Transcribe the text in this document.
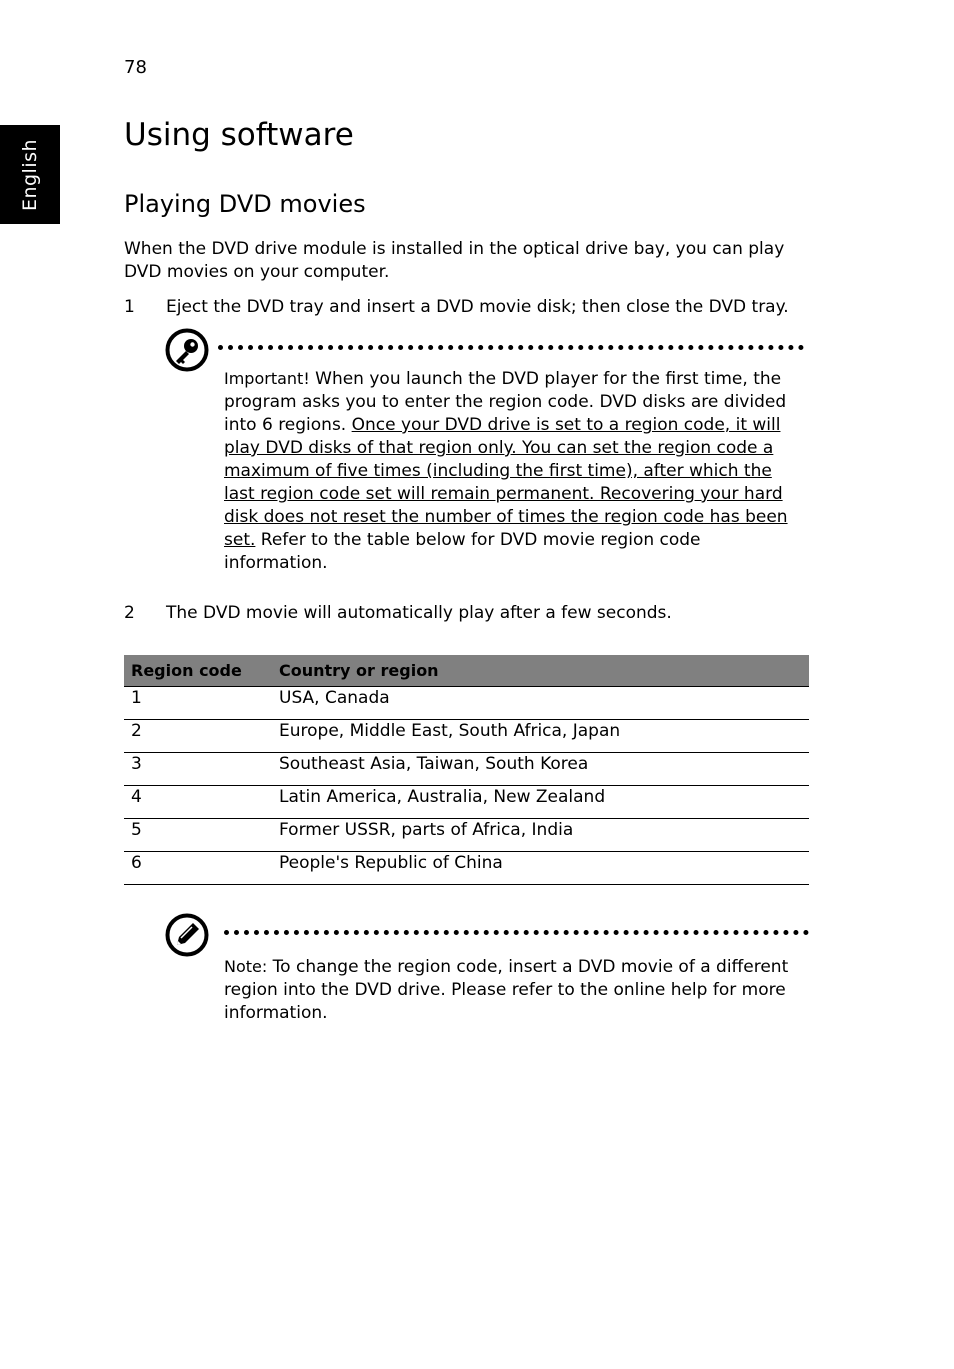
78
English
Using software
Playing DVD movies
When the DVD drive module is installed in the optical drive bay, you can play DVD movies on your computer.
1	Eject the DVD tray and insert a DVD movie disk; then close the DVD tray.
Important! When you launch the DVD player for the first time, the program asks you to enter the region code. DVD disks are divided into 6 regions. Once your DVD drive is set to a region code, it will play DVD disks of that region only. You can set the region code a maximum of five times (including the first time), after which the last region code set will remain permanent. Recovering your hard disk does not reset the number of times the region code has been set. Refer to the table below for DVD movie region code information.
2	The DVD movie will automatically play after a few seconds.
Region code	Country or region
1	USA, Canada
2	Europe, Middle East, South Africa, Japan
3	Southeast Asia, Taiwan, South Korea
4	Latin America, Australia, New Zealand
5	Former USSR, parts of Africa, India
6	People's Republic of China
Note: To change the region code, insert a DVD movie of a different region into the DVD drive. Please refer to the online help for more information.
